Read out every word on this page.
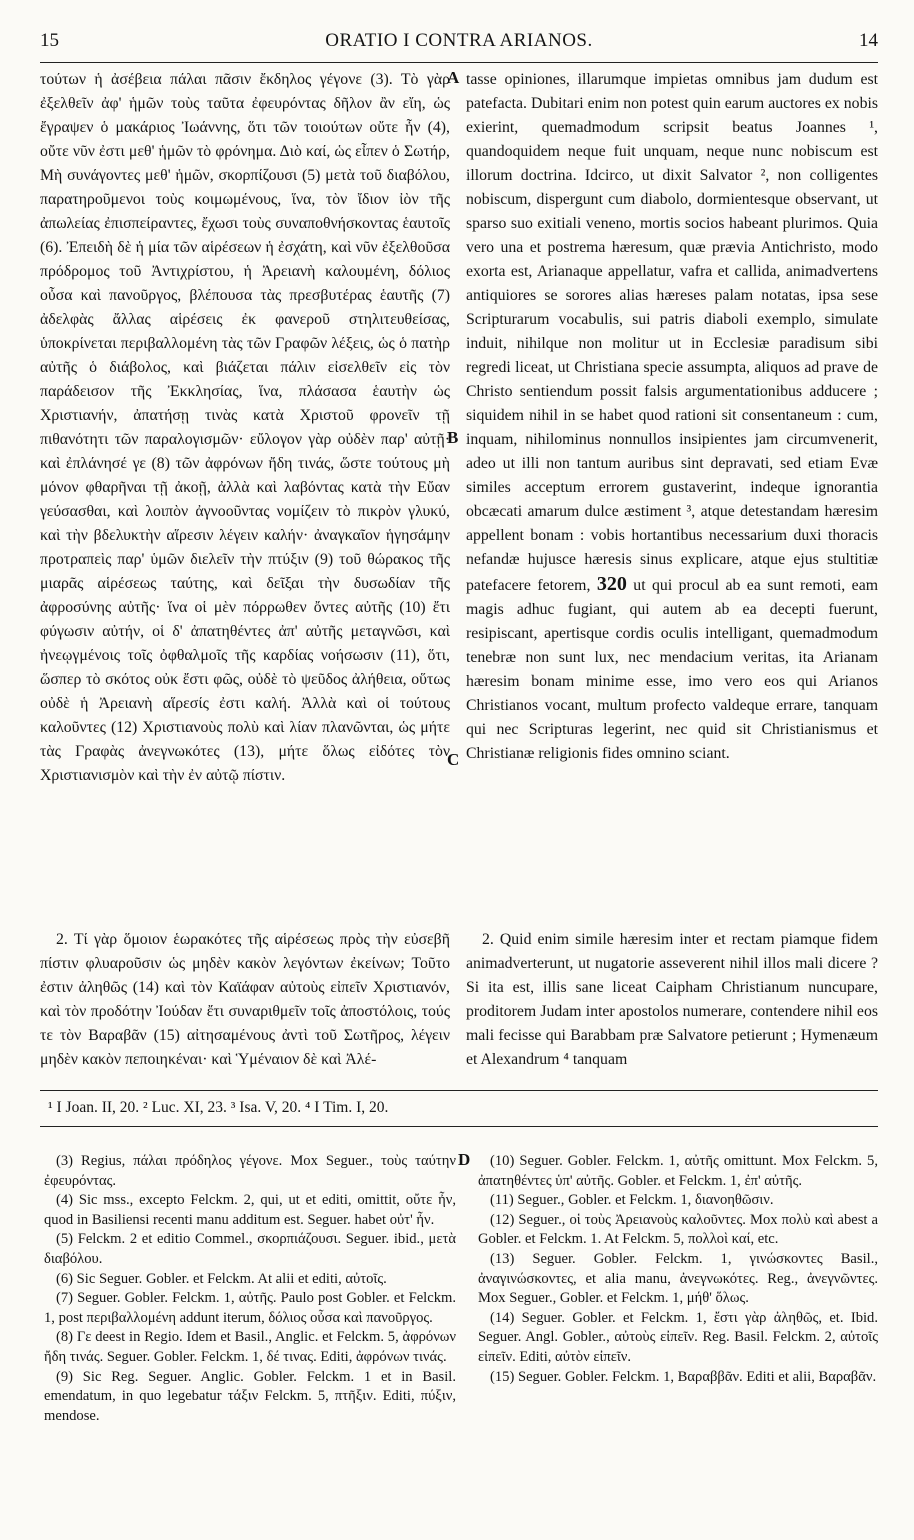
15	ORATIO I CONTRA ARIANOS.	14

τούτων ἡ ἀσέβεια πάλαι πᾶσιν ἔκδηλος γέγονε (3). Τὸ γὰρ ἐξελθεῖν ἀφ' ἡμῶν τοὺς ταῦτα ἐφευρόντας δῆλον ἂν εἴη, ὡς ἔγραψεν ὁ μακάριος Ἰωάννης, ὅτι τῶν τοιούτων οὔτε ἦν (4), οὔτε νῦν ἐστι μεθ' ἡμῶν τὸ φρόνημα. Διὸ καί, ὡς εἶπεν ὁ Σωτήρ, Μὴ συνάγοντες μεθ' ἡμῶν, σκορπίζουσι (5) μετὰ τοῦ διαβόλου, παρατηροῦμενοι τοὺς κοιμωμένους, ἵνα, τὸν ἴδιον ἰὸν τῆς ἀπωλείας ἐπισπείραντες, ἔχωσι τοὺς συναποθνήσκοντας ἑαυτοῖς (6). Ἐπειδὴ δὲ ἡ μία τῶν αἱρέσεων ἡ ἐσχάτη, καὶ νῦν ἐξελθοῦσα πρόδρομος τοῦ Ἀντιχρίστου, ἡ Ἀρειανὴ καλουμένη, δόλιος οὖσα καὶ πανοῦργος, βλέπουσα τὰς πρεσβυτέρας ἑαυτῆς (7) ἀδελφὰς ἄλλας αἱρέσεις ἐκ φανεροῦ στηλιτευθείσας, ὑποκρίνεται περιβαλλομένη τὰς τῶν Γραφῶν λέξεις, ὡς ὁ πατὴρ αὐτῆς ὁ διάβολος, καὶ βιάζεται πάλιν εἰσελθεῖν εἰς τὸν παράδεισον τῆς Ἐκκλησίας, ἵνα, πλάσασα ἑαυτὴν ὡς Χριστιανήν, ἀπατήσῃ τινὰς κατὰ Χριστοῦ φρονεῖν τῇ πιθανότητι τῶν παραλογισμῶν· εὔλογον γὰρ οὐδὲν παρ' αὐτῇ· καὶ ἐπλάνησέ γε (8) τῶν ἀφρόνων ἤδη τινάς, ὥστε τούτους μὴ μόνον φθαρῆναι τῇ ἀκοῇ, ἀλλὰ καὶ λαβόντας κατὰ τὴν Εὔαν γεύσασθαι, καὶ λοιπὸν ἀγνοοῦντας νομίζειν τὸ πικρὸν γλυκύ, καὶ τὴν βδελυκτὴν αἵρεσιν λέγειν καλήν· ἀναγκαῖον ἡγησάμην προτραπεὶς παρ' ὑμῶν διελεῖν τὴν πτύξιν (9) τοῦ θώρακος τῆς μιαρᾶς αἱρέσεως ταύτης, καὶ δεῖξαι τὴν δυσωδίαν τῆς ἀφροσύνης αὐτῆς· ἵνα οἱ μὲν πόρρωθεν ὄντες αὐτῆς (10) ἔτι φύγωσιν αὐτήν, οἱ δ' ἀπατηθέντες ἀπ' αὐτῆς μεταγνῶσι, καὶ ἠνεῳγμένοις τοῖς ὀφθαλμοῖς τῆς καρδίας νοήσωσιν (11), ὅτι, ὥσπερ τὸ σκότος οὐκ ἔστι φῶς, οὐδὲ τὸ ψεῦδος ἀλήθεια, οὕτως οὐδὲ ἡ Ἀρειανὴ αἵρεσίς ἐστι καλή. Ἀλλὰ καὶ οἱ τούτους καλοῦντες (12) Χριστιανοὺς πολὺ καὶ λίαν πλανῶνται, ὡς μήτε τὰς Γραφὰς ἀνεγνωκότες (13), μήτε ὅλως εἰδότες τὸν Χριστιανισμὸν καὶ τὴν ἐν αὐτῷ πίστιν.

tasse opiniones, illarumque impietas omnibus jam dudum est patefacta. Dubitari enim non potest quin earum auctores ex nobis exierint, quemadmodum scripsit beatus Joannes ¹, quandoquidem neque fuit unquam, neque nunc nobiscum est illorum doctrina. Idcirco, ut dixit Salvator ², non colligentes nobiscum, dispergunt cum diabolo, dormientesque observant, ut sparso suo exitiali veneno, mortis socios habeant plurimos. Quia vero una et postrema hæresum, quæ prævia Antichristo, modo exorta est, Arianaque appellatur, vafra et callida, animadvertens antiquiores se sorores alias hæreses palam notatas, ipsa sese Scripturarum vocabulis, sui patris diaboli exemplo, simulate induit, nihilque non molitur ut in Ecclesiæ paradisum sibi regredi liceat, ut Christiana specie assumpta, aliquos ad prave de Christo sentiendum possit falsis argumentationibus adducere ; siquidem nihil in se habet quod rationi sit consentaneum : cum, inquam, nihilominus nonnullos insipientes jam circumvenerit, adeo ut illi non tantum auribus sint depravati, sed etiam Evæ similes acceptum errorem gustaverint, indeque ignorantia obcæcati amarum dulce æstiment ³, atque detestandam hæresim appellent bonam : vobis hortantibus necessarium duxi thoracis nefandæ hujusce hæresis sinus explicare, atque ejus stultitiæ patefacere fetorem, 320 ut qui procul ab ea sunt remoti, eam magis adhuc fugiant, qui autem ab ea decepti fuerunt, resipiscant, apertisque cordis oculis intelligant, quemadmodum tenebræ non sunt lux, nec mendacium veritas, ita Arianam hæresim bonam minime esse, imo vero eos qui Arianos Christianos vocant, multum profecto valdeque errare, tanquam qui nec Scripturas legerint, nec quid sit Christianismus et Christianæ religionis fides omnino sciant.

2. Τί γὰρ ὅμοιον ἑωρακότες τῆς αἱρέσεως πρὸς τὴν εὐσεβῆ πίστιν φλυαροῦσιν ὡς μηδὲν κακὸν λεγόντων ἐκείνων; Τοῦτο ἐστιν ἀληθῶς (14) καὶ τὸν Καϊάφαν αὐτοὺς εἰπεῖν Χριστιανόν, καὶ τὸν προδότην Ἰούδαν ἔτι συναριθμεῖν τοῖς ἀποστόλοις, τούς τε τὸν Βαραβᾶν (15) αἰτησαμένους ἀντὶ τοῦ Σωτῆρος, λέγειν μηδὲν κακὸν πεποιηκέναι· καὶ Ὑμέναιον δὲ καὶ Ἀλέ-

2. Quid enim simile hæresim inter et rectam piamque fidem animadverterunt, ut nugatorie asseverent nihil illos mali dicere ? Si ita est, illis sane liceat Caipham Christianum nuncupare, proditorem Judam inter apostolos numerare, contendere nihil eos mali fecisse qui Barabbam præ Salvatore petierunt ; Hymenæum et Alexandrum ⁴ tanquam

A
B
C
D
¹ I Joan. II, 20. ² Luc. XI, 23. ³ Isa. V, 20. ⁴ I Tim. I, 20.

(3) Regius, πάλαι πρόδηλος γέγονε. Mox Seguer., τοὺς ταύτην ἐφευρόντας.

(4) Sic mss., excepto Felckm. 2, qui, ut et editi, omittit, οὔτε ἦν, quod in Basiliensi recenti manu additum est. Seguer. habet οὐτ' ἦν.

(5) Felckm. 2 et editio Commel., σκορπιάζουσι. Seguer. ibid., μετὰ διαβόλου.

(6) Sic Seguer. Gobler. et Felckm. At alii et editi, αὐτοῖς.

(7) Seguer. Gobler. Felckm. 1, αὐτῆς. Paulo post Gobler. et Felckm. 1, post περιβαλλομένη addunt iterum, δόλιος οὖσα καὶ πανοῦργος.

(8) Γε deest in Regio. Idem et Basil., Anglic. et Felckm. 5, ἀφρόνων ἤδη τινάς. Seguer. Gobler. Felckm. 1, δέ τινας. Editi, ἀφρόνων τινάς.

(9) Sic Reg. Seguer. Anglic. Gobler. Felckm. 1 et in Basil. emendatum, in quo legebatur τάξιν Felckm. 5, πτῆξιν. Editi, πύξιν, mendose.

(10) Seguer. Gobler. Felckm. 1, αὐτῆς omittunt. Mox Felckm. 5, ἀπατηθέντες ὑπ' αὐτῆς. Gobler. et Felckm. 1, ἐπ' αὐτῆς.

(11) Seguer., Gobler. et Felckm. 1, διανοηθῶσιν.

(12) Seguer., οἱ τοὺς Ἀρειανοὺς καλοῦντες. Mox πολὺ καὶ abest a Gobler. et Felckm. 1. At Felckm. 5, πολλοὶ καί, etc.

(13) Seguer. Gobler. Felckm. 1, γινώσκοντες Basil., ἀναγινώσκοντες, et alia manu, ἀνεγνωκότες. Reg., ἀνεγνῶντες. Mox Seguer., Gobler. et Felckm. 1, μήθ' ὅλως.

(14) Seguer. Gobler. et Felckm. 1, ἔστι γὰρ ἀληθῶς, et. Ibid. Seguer. Angl. Gobler., αὐτοὺς εἰπεῖν. Reg. Basil. Felckm. 2, αὐτοῖς εἰπεῖν. Editi, αὐτὸν εἰπεῖν.

(15) Seguer. Gobler. Felckm. 1, Βαραββᾶν. Editi et alii, Βαραβᾶν.
